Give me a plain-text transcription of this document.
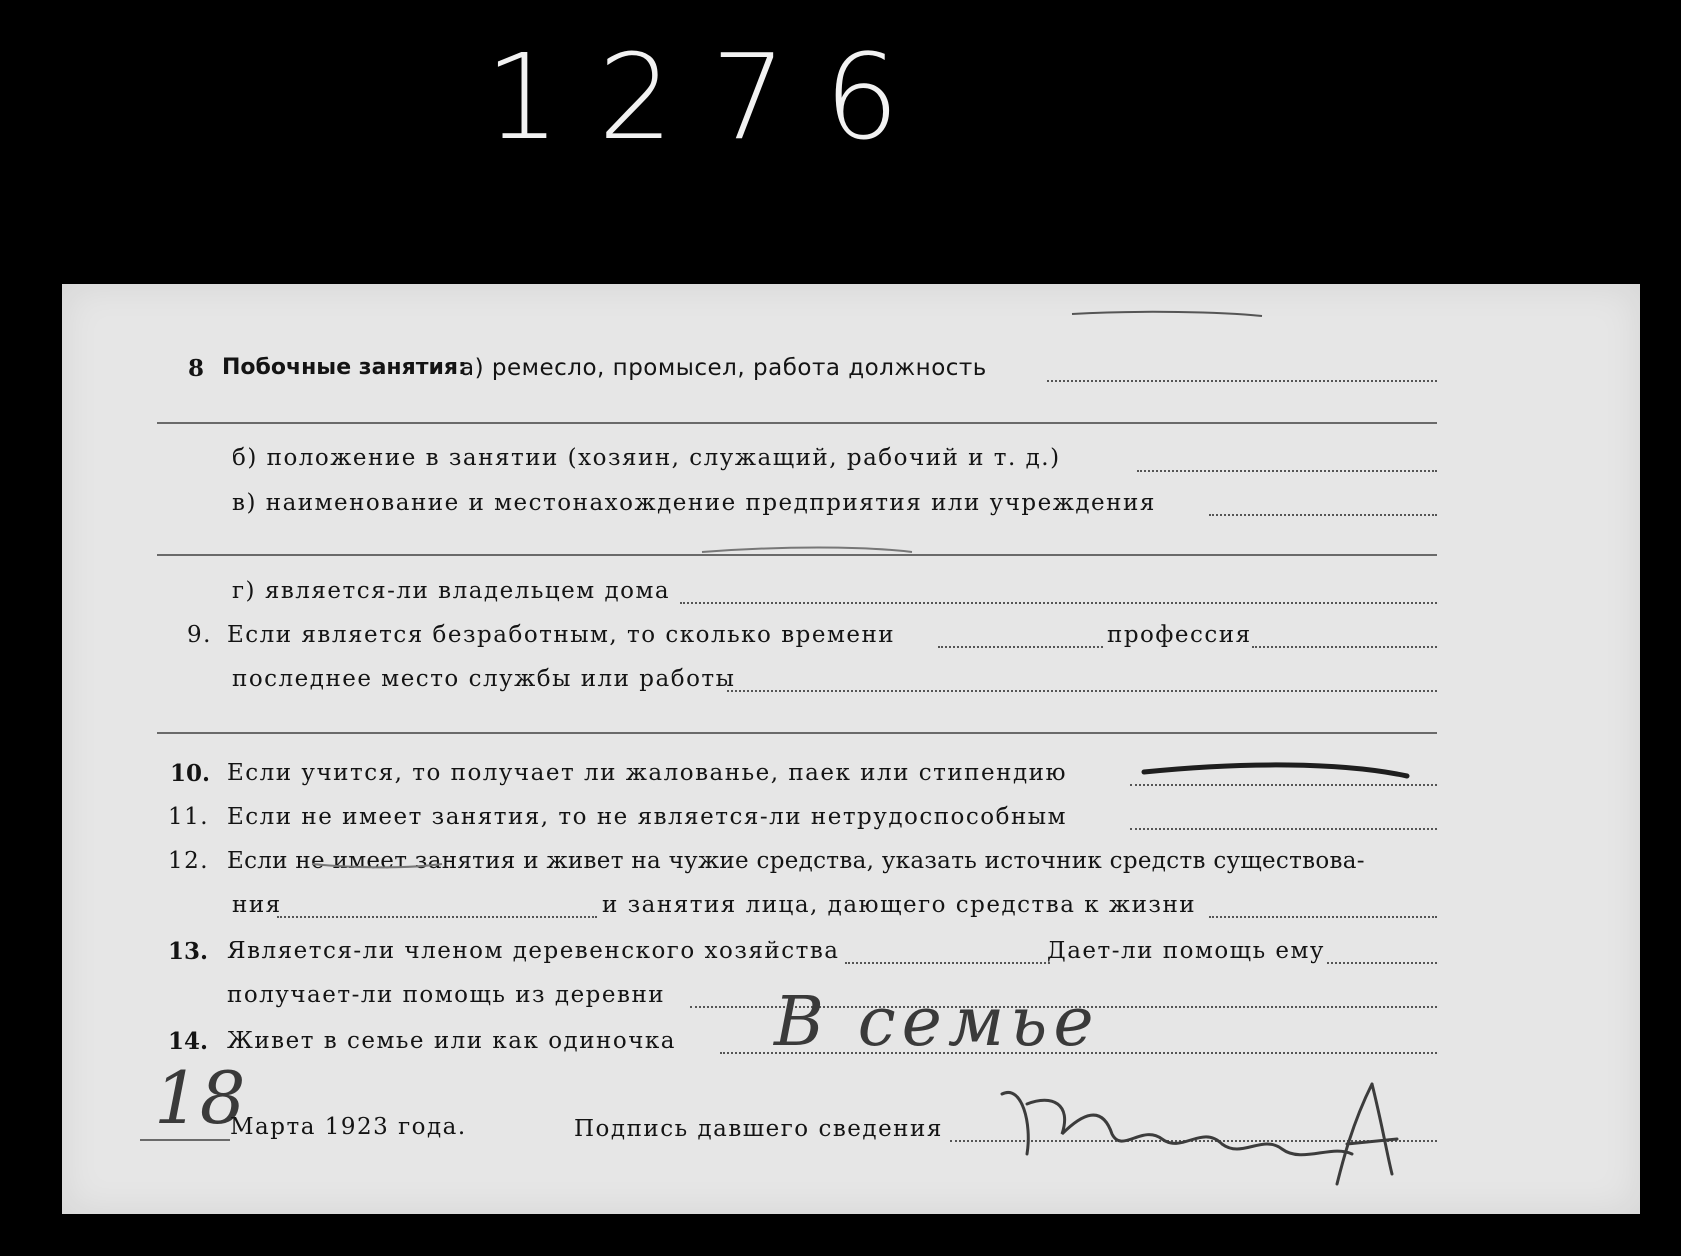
1276
8 Побочные занятия:
а) ремесло, промысел, работа должность
б) положение в занятии (хозяин, служащий, рабочий и т. д.)
в) наименование и местонахождение предприятия или учреждения
г) является-ли владельцем дома
9. Если является безработным, то сколько времени	профессия
последнее место службы или работы
10. Если учится, то получает ли жалованье, паек или стипендию
11. Если не имеет занятия, то не является-ли нетрудоспособным
12. Если не имеет занятия и живет на чужие средства, указать источник средств существова-
ния	и занятия лица, дающего средства к жизни
13. Является-ли членом деревенского хозяйства	Дает-ли помощь ему
получает-ли помощь из деревни
14. Живет в семье или как одиночка В семье
18
Марта 1923 года.	Подпись давшего сведения
